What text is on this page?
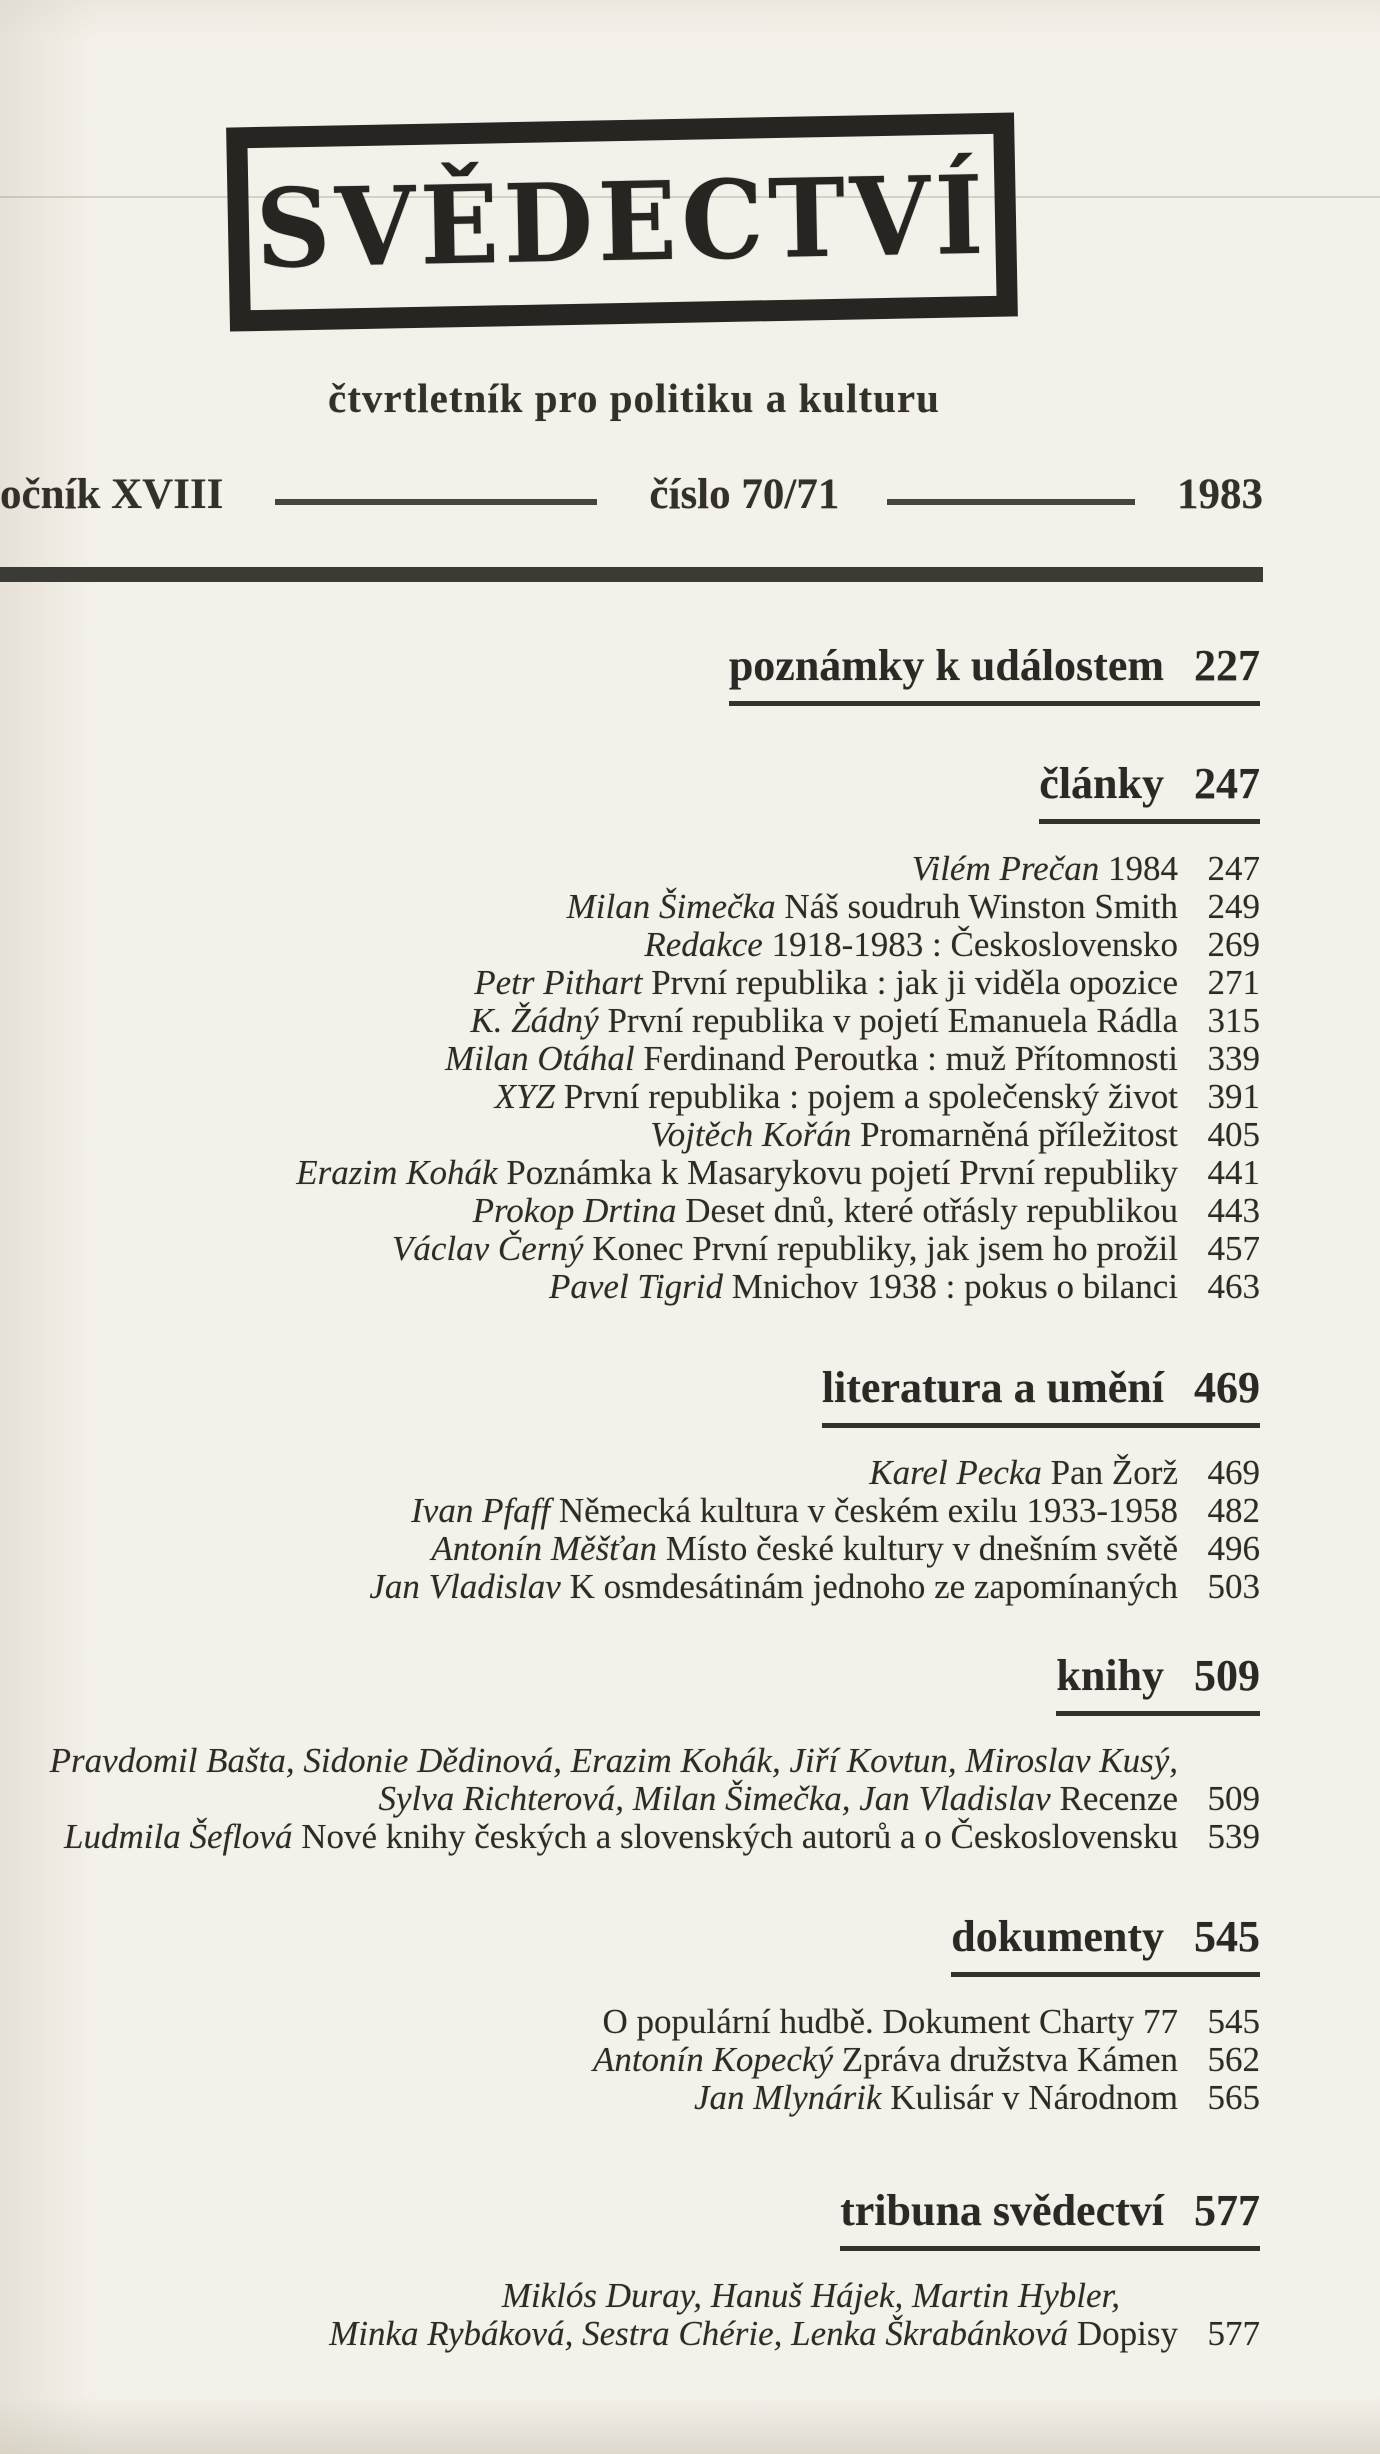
SVĚDECTVÍ
čtvrtletník pro politiku a kulturu
očník XVIII	číslo 70/71	1983
poznámky k událostem 227
články 247
Vilém Prečan 1984 247
Milan Šimečka Náš soudruh Winston Smith 249
Redakce 1918-1983 : Československo 269
Petr Pithart První republika : jak ji viděla opozice 271
K. Žádný První republika v pojetí Emanuela Rádla 315
Milan Otáhal Ferdinand Peroutka : muž Přítomnosti 339
XYZ První republika : pojem a společenský život 391
Vojtěch Kořán Promarněná příležitost 405
Erazim Kohák Poznámka k Masarykovu pojetí První republiky 441
Prokop Drtina Deset dnů, které otřásly republikou 443
Václav Černý Konec První republiky, jak jsem ho prožil 457
Pavel Tigrid Mnichov 1938 : pokus o bilanci 463
literatura a umění 469
Karel Pecka Pan Žorž 469
Ivan Pfaff Německá kultura v českém exilu 1933-1958 482
Antonín Měšťan Místo české kultury v dnešním světě 496
Jan Vladislav K osmdesátinám jednoho ze zapomínaných 503
knihy 509
Pravdomil Bašta, Sidonie Dědinová, Erazim Kohák, Jiří Kovtun, Miroslav Kusý,
Sylva Richterová, Milan Šimečka, Jan Vladislav Recenze 509
Ludmila Šeflová Nové knihy českých a slovenských autorů a o Československu 539
dokumenty 545
O populární hudbě. Dokument Charty 77 545
Antonín Kopecký Zpráva družstva Kámen 562
Jan Mlynárik Kulisár v Národnom 565
tribuna svědectví 577
Miklós Duray, Hanuš Hájek, Martin Hybler,
Minka Rybáková, Sestra Chérie, Lenka Škrabánková Dopisy 577
